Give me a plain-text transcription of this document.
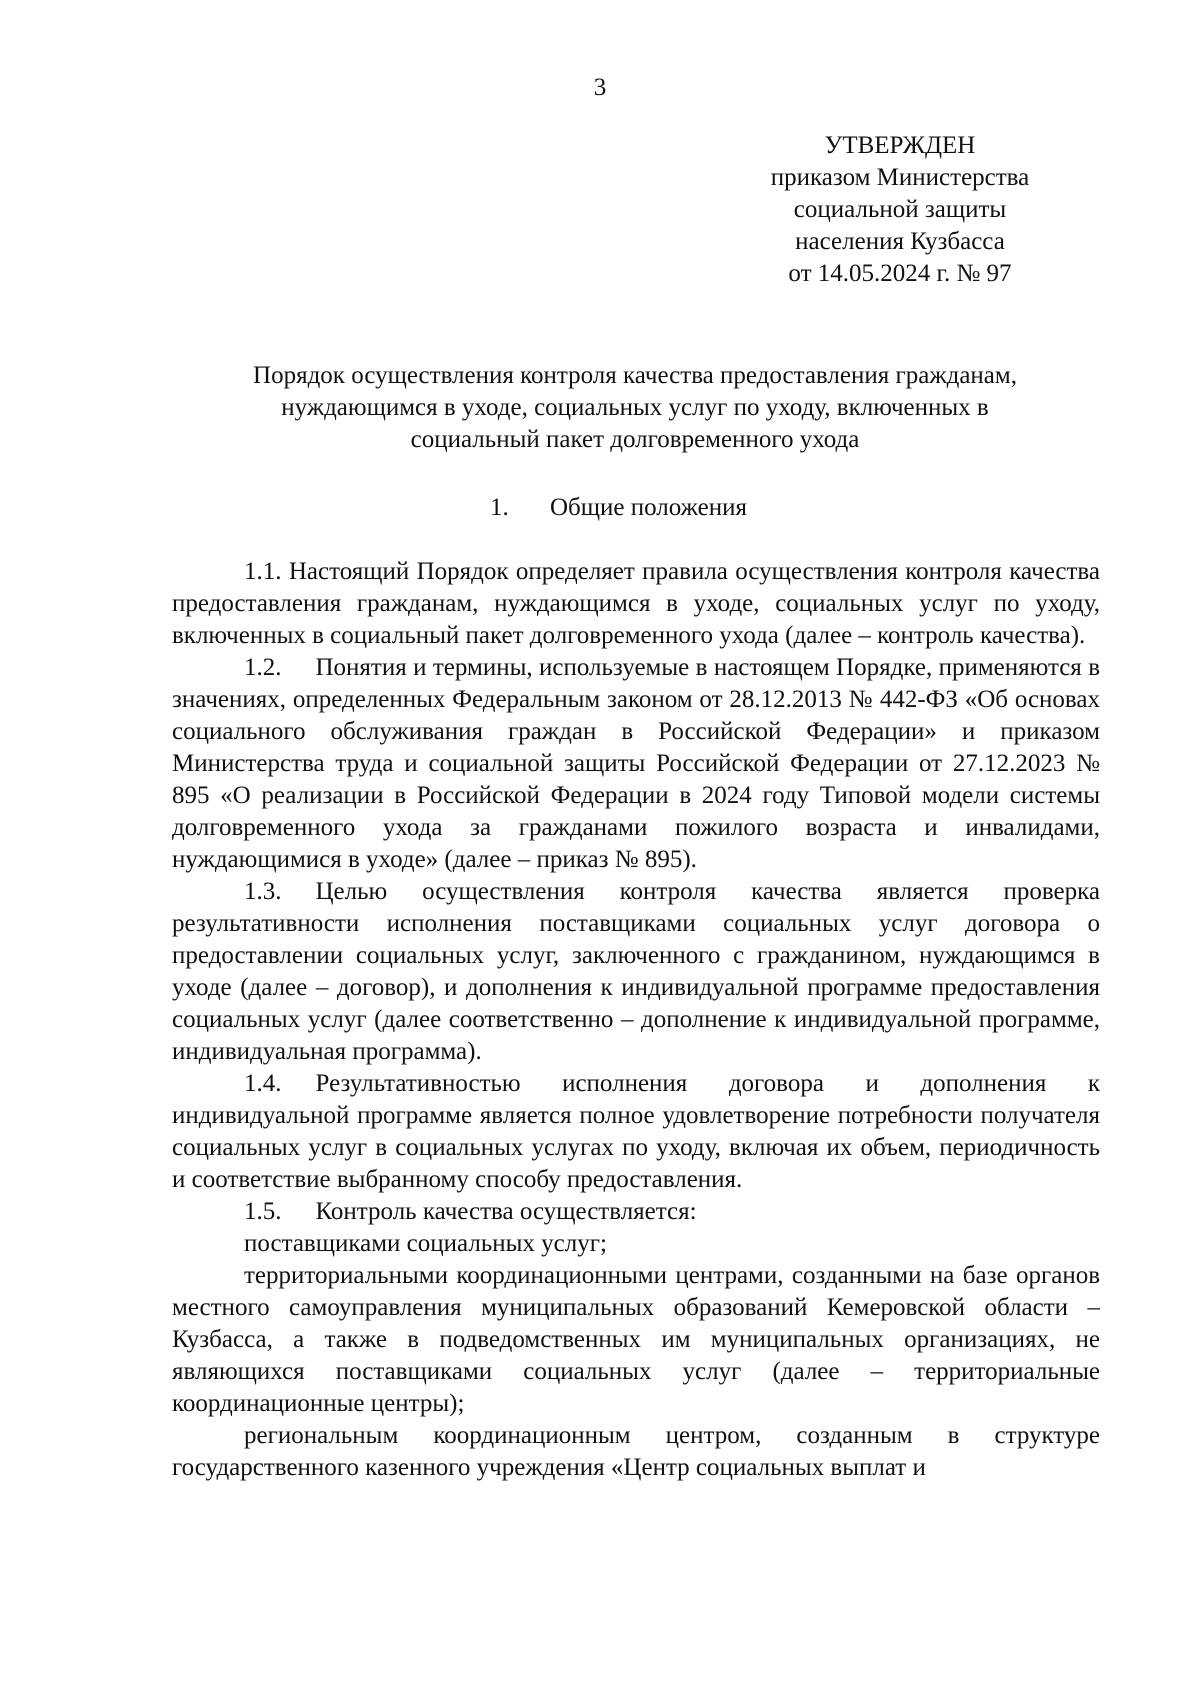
3
УТВЕРЖДЕН
приказом Министерства
социальной защиты
населения Кузбасса
от 14.05.2024 г. № 97
Порядок осуществления контроля качества предоставления гражданам,
нуждающимся в уходе, социальных услуг по уходу, включенных в
социальный пакет долговременного ухода
1. Общие положения

1.1. Настоящий Порядок определяет правила осуществления контроля качества предоставления гражданам, нуждающимся в уходе, социальных услуг по уходу, включенных в социальный пакет долговременного ухода (далее – контроль качества).

1.2. Понятия и термины, используемые в настоящем Порядке, применяются в значениях, определенных Федеральным законом от 28.12.2013 № 442-ФЗ «Об основах социального обслуживания граждан в Российской Федерации» и приказом Министерства труда и социальной защиты Российской Федерации от 27.12.2023 № 895 «О реализации в Российской Федерации в 2024 году Типовой модели системы долговременного ухода за гражданами пожилого возраста и инвалидами, нуждающимися в уходе» (далее – приказ № 895).

1.3. Целью осуществления контроля качества является проверка результативности исполнения поставщиками социальных услуг договора о предоставлении социальных услуг, заключенного с гражданином, нуждающимся в уходе (далее – договор), и дополнения к индивидуальной программе предоставления социальных услуг (далее соответственно – дополнение к индивидуальной программе, индивидуальная программа).

1.4. Результативностью исполнения договора и дополнения к индивидуальной программе является полное удовлетворение потребности получателя социальных услуг в социальных услугах по уходу, включая их объем, периодичность и соответствие выбранному способу предоставления.

1.5. Контроль качества осуществляется:

поставщиками социальных услуг;

территориальными координационными центрами, созданными на базе органов местного самоуправления муниципальных образований Кемеровской области – Кузбасса, а также в подведомственных им муниципальных организациях, не являющихся поставщиками социальных услуг (далее – территориальные координационные центры);

региональным координационным центром, созданным в структуре государственного казенного учреждения «Центр социальных выплат и
